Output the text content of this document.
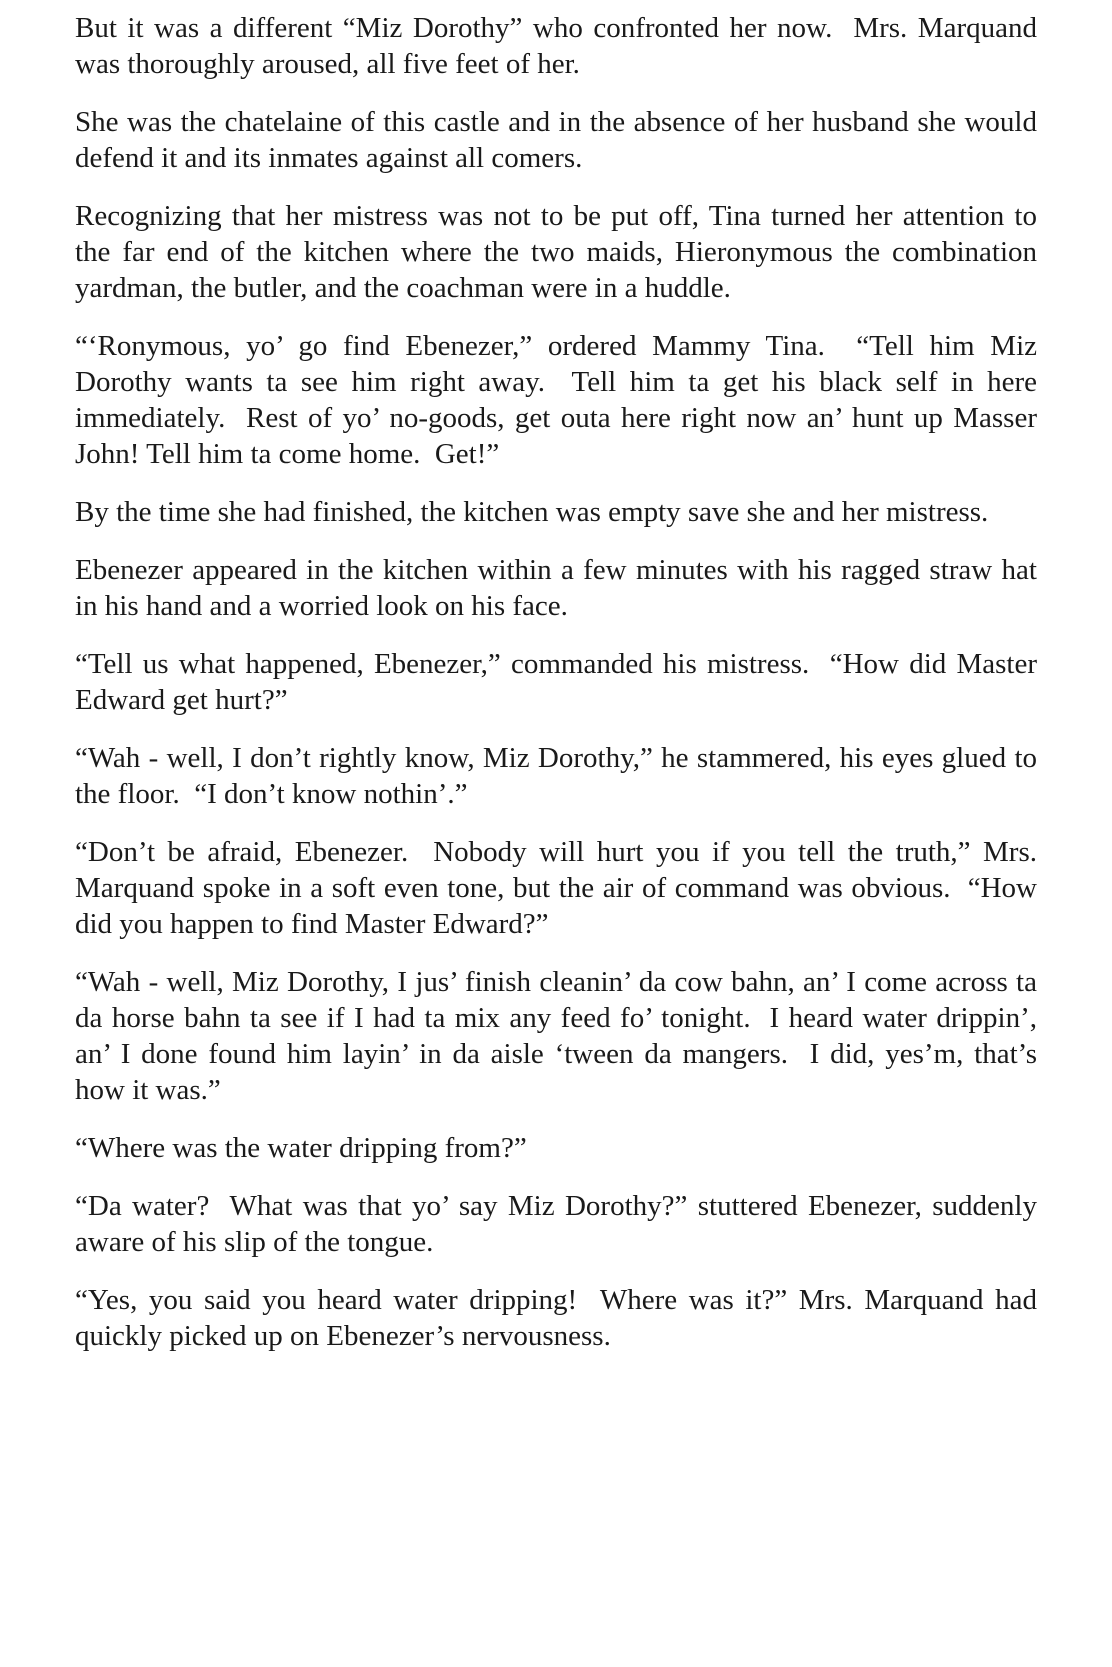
But it was a different “Miz Dorothy” who confronted her now.  Mrs. Marquand was thoroughly aroused, all five feet of her.

She was the chatelaine of this castle and in the absence of her husband she would defend it and its inmates against all comers.

Recognizing that her mistress was not to be put off, Tina turned her attention to the far end of the kitchen where the two maids, Hieronymous the combination yardman, the butler, and the coachman were in a huddle.

“‘Ronymous, yo’ go find Ebenezer,” ordered Mammy Tina.  “Tell him Miz Dorothy wants ta see him right away.  Tell him ta get his black self in here immediately.  Rest of yo’ no-goods, get outa here right now an’ hunt up Masser John! Tell him ta come home.  Get!”

By the time she had finished, the kitchen was empty save she and her mistress.

Ebenezer appeared in the kitchen within a few minutes with his ragged straw hat in his hand and a worried look on his face.

“Tell us what happened, Ebenezer,” commanded his mistress.  “How did Master Edward get hurt?”

“Wah - well, I don’t rightly know, Miz Dorothy,” he stammered, his eyes glued to the floor.  “I don’t know nothin’.”

“Don’t be afraid, Ebenezer.  Nobody will hurt you if you tell the truth,” Mrs. Marquand spoke in a soft even tone, but the air of command was obvious.  “How did you happen to find Master Edward?”

“Wah - well, Miz Dorothy, I jus’ finish cleanin’ da cow bahn, an’ I come across ta da horse bahn ta see if I had ta mix any feed fo’ tonight.  I heard water drippin’, an’ I done found him layin’ in da aisle ‘tween da mangers.  I did, yes’m, that’s how it was.”

“Where was the water dripping from?”

“Da water?  What was that yo’ say Miz Dorothy?” stuttered Ebenezer, suddenly aware of his slip of the tongue.

“Yes, you said you heard water dripping!  Where was it?” Mrs. Marquand had quickly picked up on Ebenezer’s nervousness.
